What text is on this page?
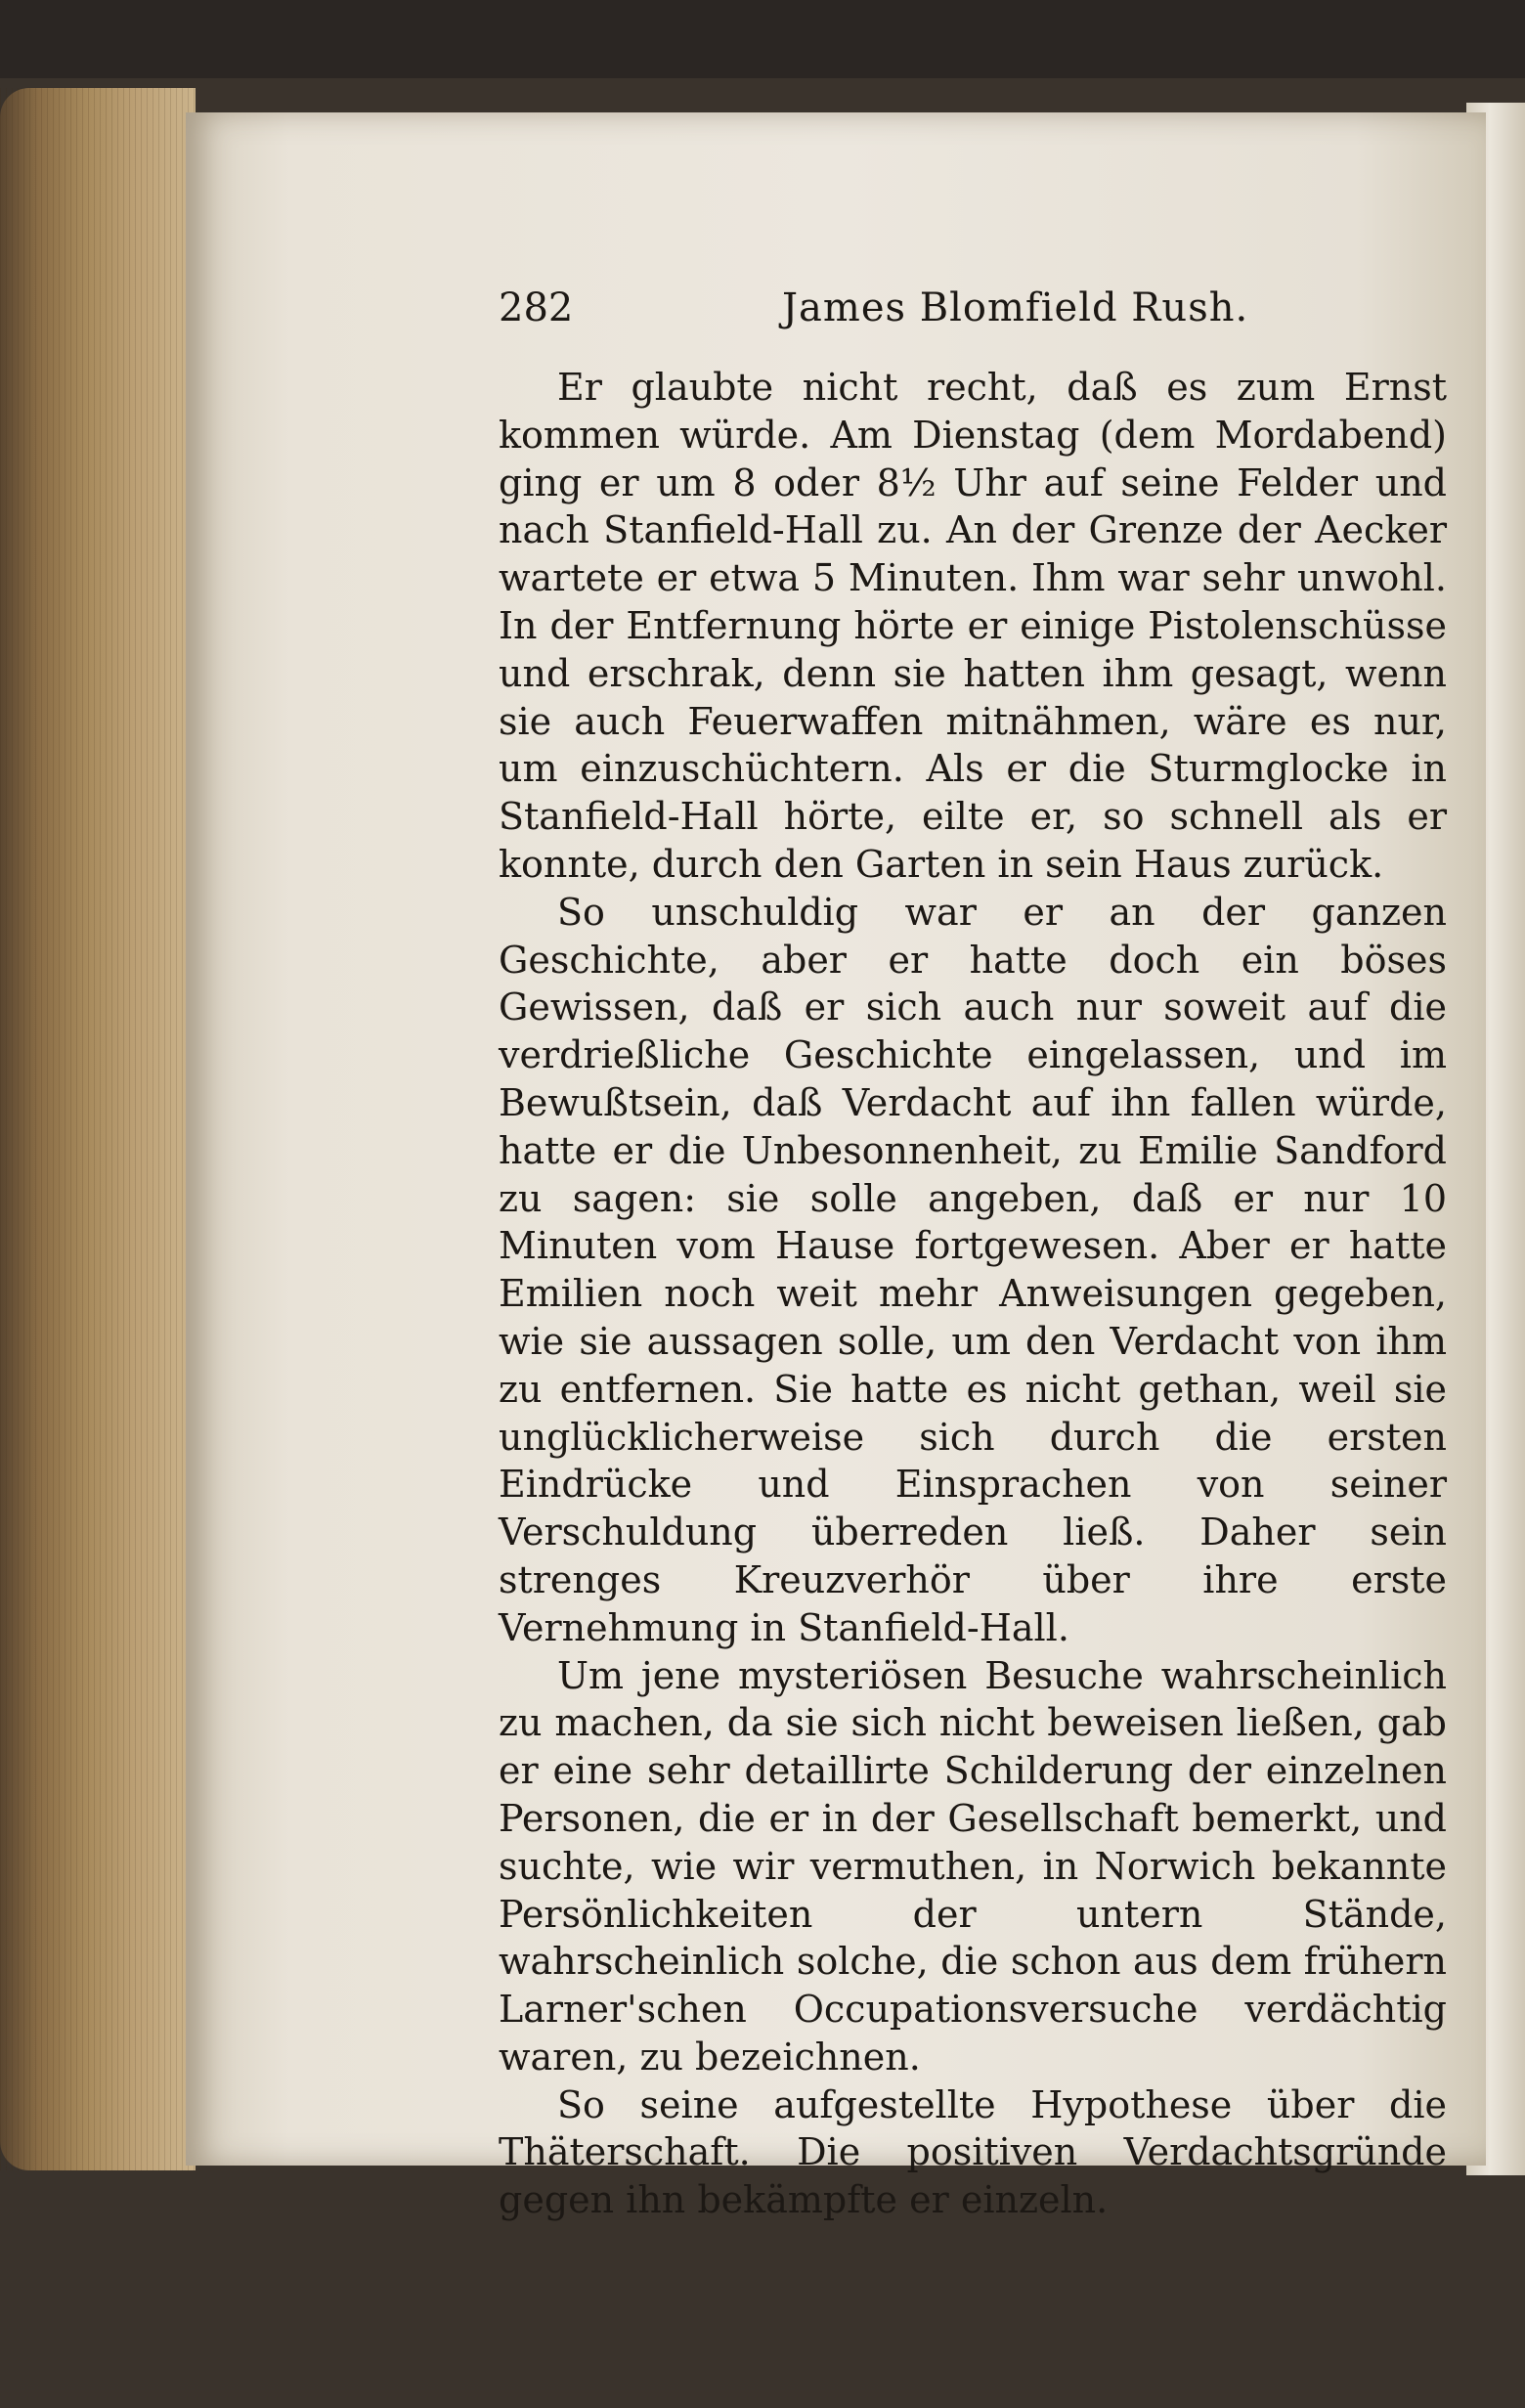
282	James Blomfield Rush.

Er glaubte nicht recht, daß es zum Ernst kommen würde. Am Dienstag (dem Mordabend) ging er um 8 oder 8½ Uhr auf seine Felder und nach Stanfield-Hall zu. An der Grenze der Aecker wartete er etwa 5 Minuten. Ihm war sehr unwohl. In der Entfernung hörte er einige Pistolenschüsse und erschrak, denn sie hatten ihm gesagt, wenn sie auch Feuerwaffen mitnähmen, wäre es nur, um einzuschüchtern. Als er die Sturmglocke in Stanfield-Hall hörte, eilte er, so schnell als er konnte, durch den Garten in sein Haus zurück.

So unschuldig war er an der ganzen Geschichte, aber er hatte doch ein böses Gewissen, daß er sich auch nur soweit auf die verdrießliche Geschichte eingelassen, und im Bewußtsein, daß Verdacht auf ihn fallen würde, hatte er die Unbesonnenheit, zu Emilie Sandford zu sagen: sie solle angeben, daß er nur 10 Minuten vom Hause fortgewesen. Aber er hatte Emilien noch weit mehr Anweisungen gegeben, wie sie aussagen solle, um den Verdacht von ihm zu entfernen. Sie hatte es nicht gethan, weil sie unglücklicherweise sich durch die ersten Eindrücke und Einsprachen von seiner Verschuldung überreden ließ. Daher sein strenges Kreuzverhör über ihre erste Vernehmung in Stanfield-Hall.

Um jene mysteriösen Besuche wahrscheinlich zu machen, da sie sich nicht beweisen ließen, gab er eine sehr detaillirte Schilderung der einzelnen Personen, die er in der Gesellschaft bemerkt, und suchte, wie wir vermuthen, in Norwich bekannte Persönlichkeiten der untern Stände, wahrscheinlich solche, die schon aus dem frühern Larner'schen Occupationsversuche verdächtig waren, zu bezeichnen.

So seine aufgestellte Hypothese über die Thäterschaft. Die positiven Verdachtsgründe gegen ihn bekämpfte er einzeln.
